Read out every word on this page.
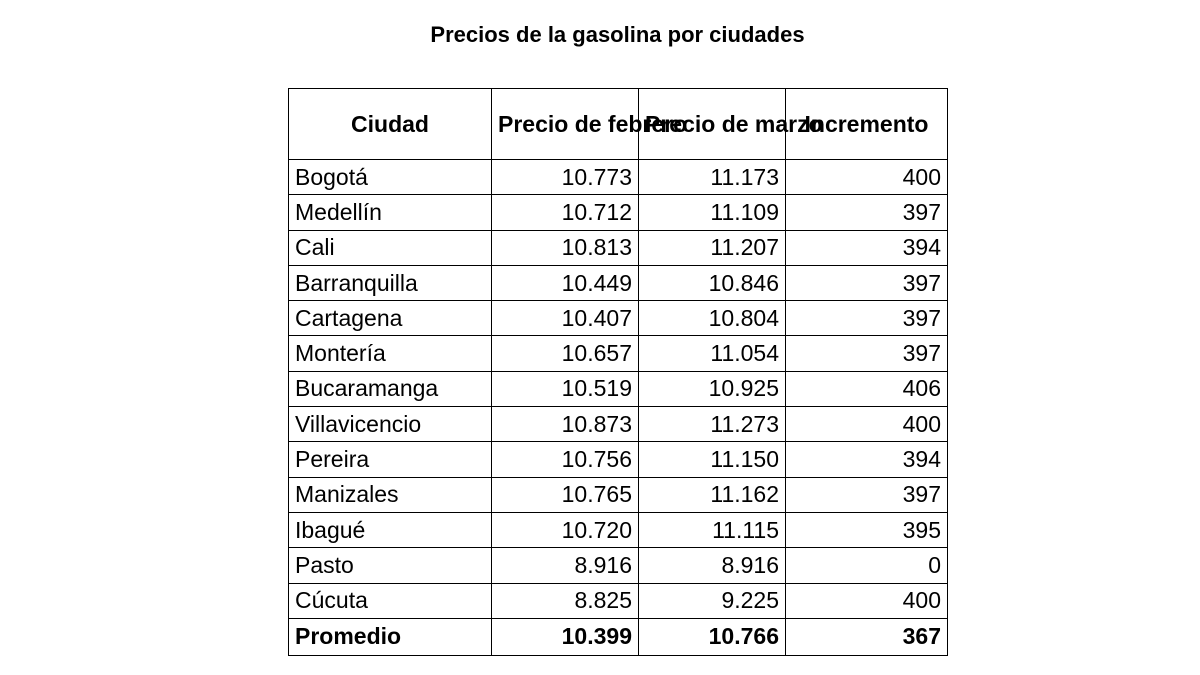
Precios de la gasolina por ciudades
Ciudad	Precio de febrero	Precio de marzo	Incremento
Bogotá	10.773	11.173	400
Medellín	10.712	11.109	397
Cali	10.813	11.207	394
Barranquilla	10.449	10.846	397
Cartagena	10.407	10.804	397
Montería	10.657	11.054	397
Bucaramanga	10.519	10.925	406
Villavicencio	10.873	11.273	400
Pereira	10.756	11.150	394
Manizales	10.765	11.162	397
Ibagué	10.720	11.115	395
Pasto	8.916	8.916	0
Cúcuta	8.825	9.225	400
Promedio	10.399	10.766	367
